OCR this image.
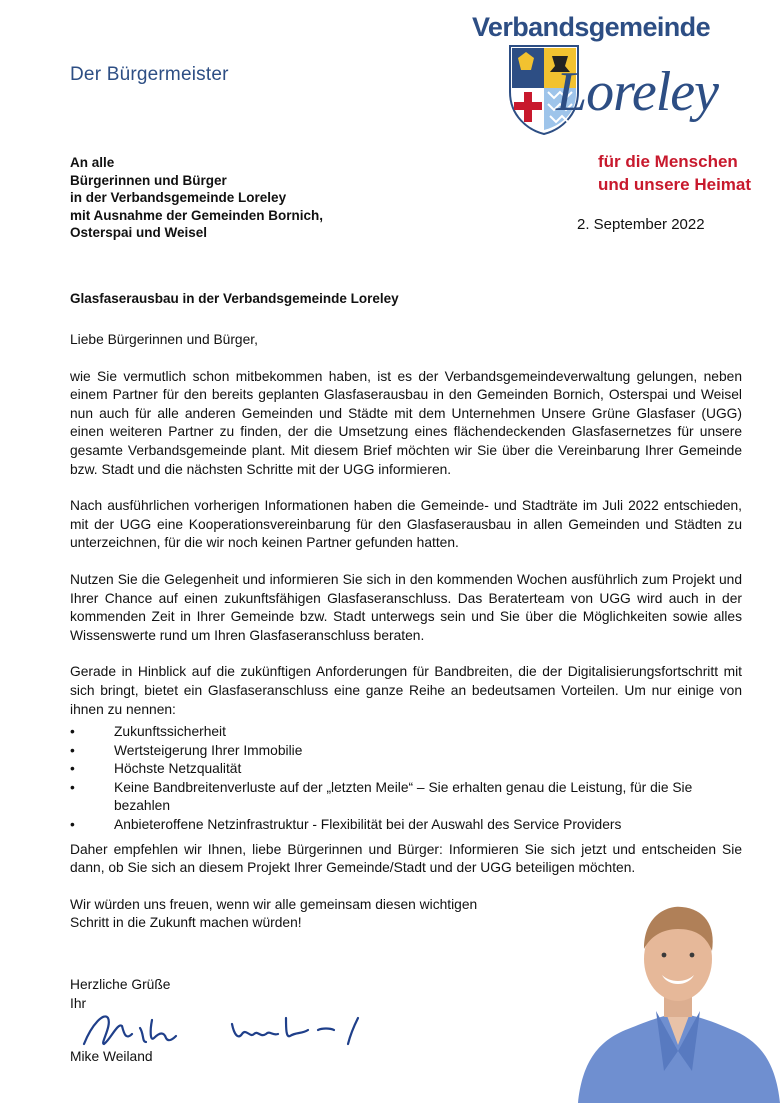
Der Bürgermeister
Verbandsgemeinde
Loreley
für die Menschen
und unsere Heimat
An alle
Bürgerinnen und Bürger
in der Verbandsgemeinde Loreley
mit Ausnahme der Gemeinden Bornich,
Osterspai und Weisel	2. September 2022
Glasfaserausbau in der Verbandsgemeinde Loreley

Liebe Bürgerinnen und Bürger,

wie Sie vermutlich schon mitbekommen haben, ist es der Verbandsgemeindeverwaltung gelungen, neben einem Partner für den bereits geplanten Glasfaserausbau in den Gemeinden Bornich, Osterspai und Weisel nun auch für alle anderen Gemeinden und Städte mit dem Unternehmen Unsere Grüne Glasfaser (UGG) einen weiteren Partner zu finden, der die Umsetzung eines flächendeckenden Glasfasernetzes für unsere gesamte Verbandsgemeinde plant. Mit diesem Brief möchten wir Sie über die Vereinbarung Ihrer Gemeinde bzw. Stadt und die nächsten Schritte mit der UGG informieren.

Nach ausführlichen vorherigen Informationen haben die Gemeinde- und Stadträte im Juli 2022 entschieden, mit der UGG eine Kooperationsvereinbarung für den Glasfaserausbau in allen Gemeinden und Städten zu unterzeichnen, für die wir noch keinen Partner gefunden hatten.

Nutzen Sie die Gelegenheit und informieren Sie sich in den kommenden Wochen ausführlich zum Projekt und Ihrer Chance auf einen zukunftsfähigen Glasfaseranschluss. Das Beraterteam von UGG wird auch in der kommenden Zeit in Ihrer Gemeinde bzw. Stadt unterwegs sein und Sie über die Möglichkeiten sowie alles Wissenswerte rund um Ihren Glasfaseranschluss beraten.

Gerade in Hinblick auf die zukünftigen Anforderungen für Bandbreiten, die der Digitalisierungsfortschritt mit sich bringt, bietet ein Glasfaseranschluss eine ganze Reihe an bedeutsamen Vorteilen. Um nur einige von ihnen zu nennen:

• Zukunftssicherheit
• Wertsteigerung Ihrer Immobilie
• Höchste Netzqualität
• Keine Bandbreitenverluste auf der „letzten Meile“ – Sie erhalten genau die Leistung, für die Sie bezahlen
• Anbieteroffene Netzinfrastruktur - Flexibilität bei der Auswahl des Service Providers

Daher empfehlen wir Ihnen, liebe Bürgerinnen und Bürger: Informieren Sie sich jetzt und entscheiden Sie dann, ob Sie sich an diesem Projekt Ihrer Gemeinde/Stadt und der UGG beteiligen möchten.

Wir würden uns freuen, wenn wir alle gemeinsam diesen wichtigen
Schritt in die Zukunft machen würden!

Herzliche Grüße
Ihr
Mike Weiland
